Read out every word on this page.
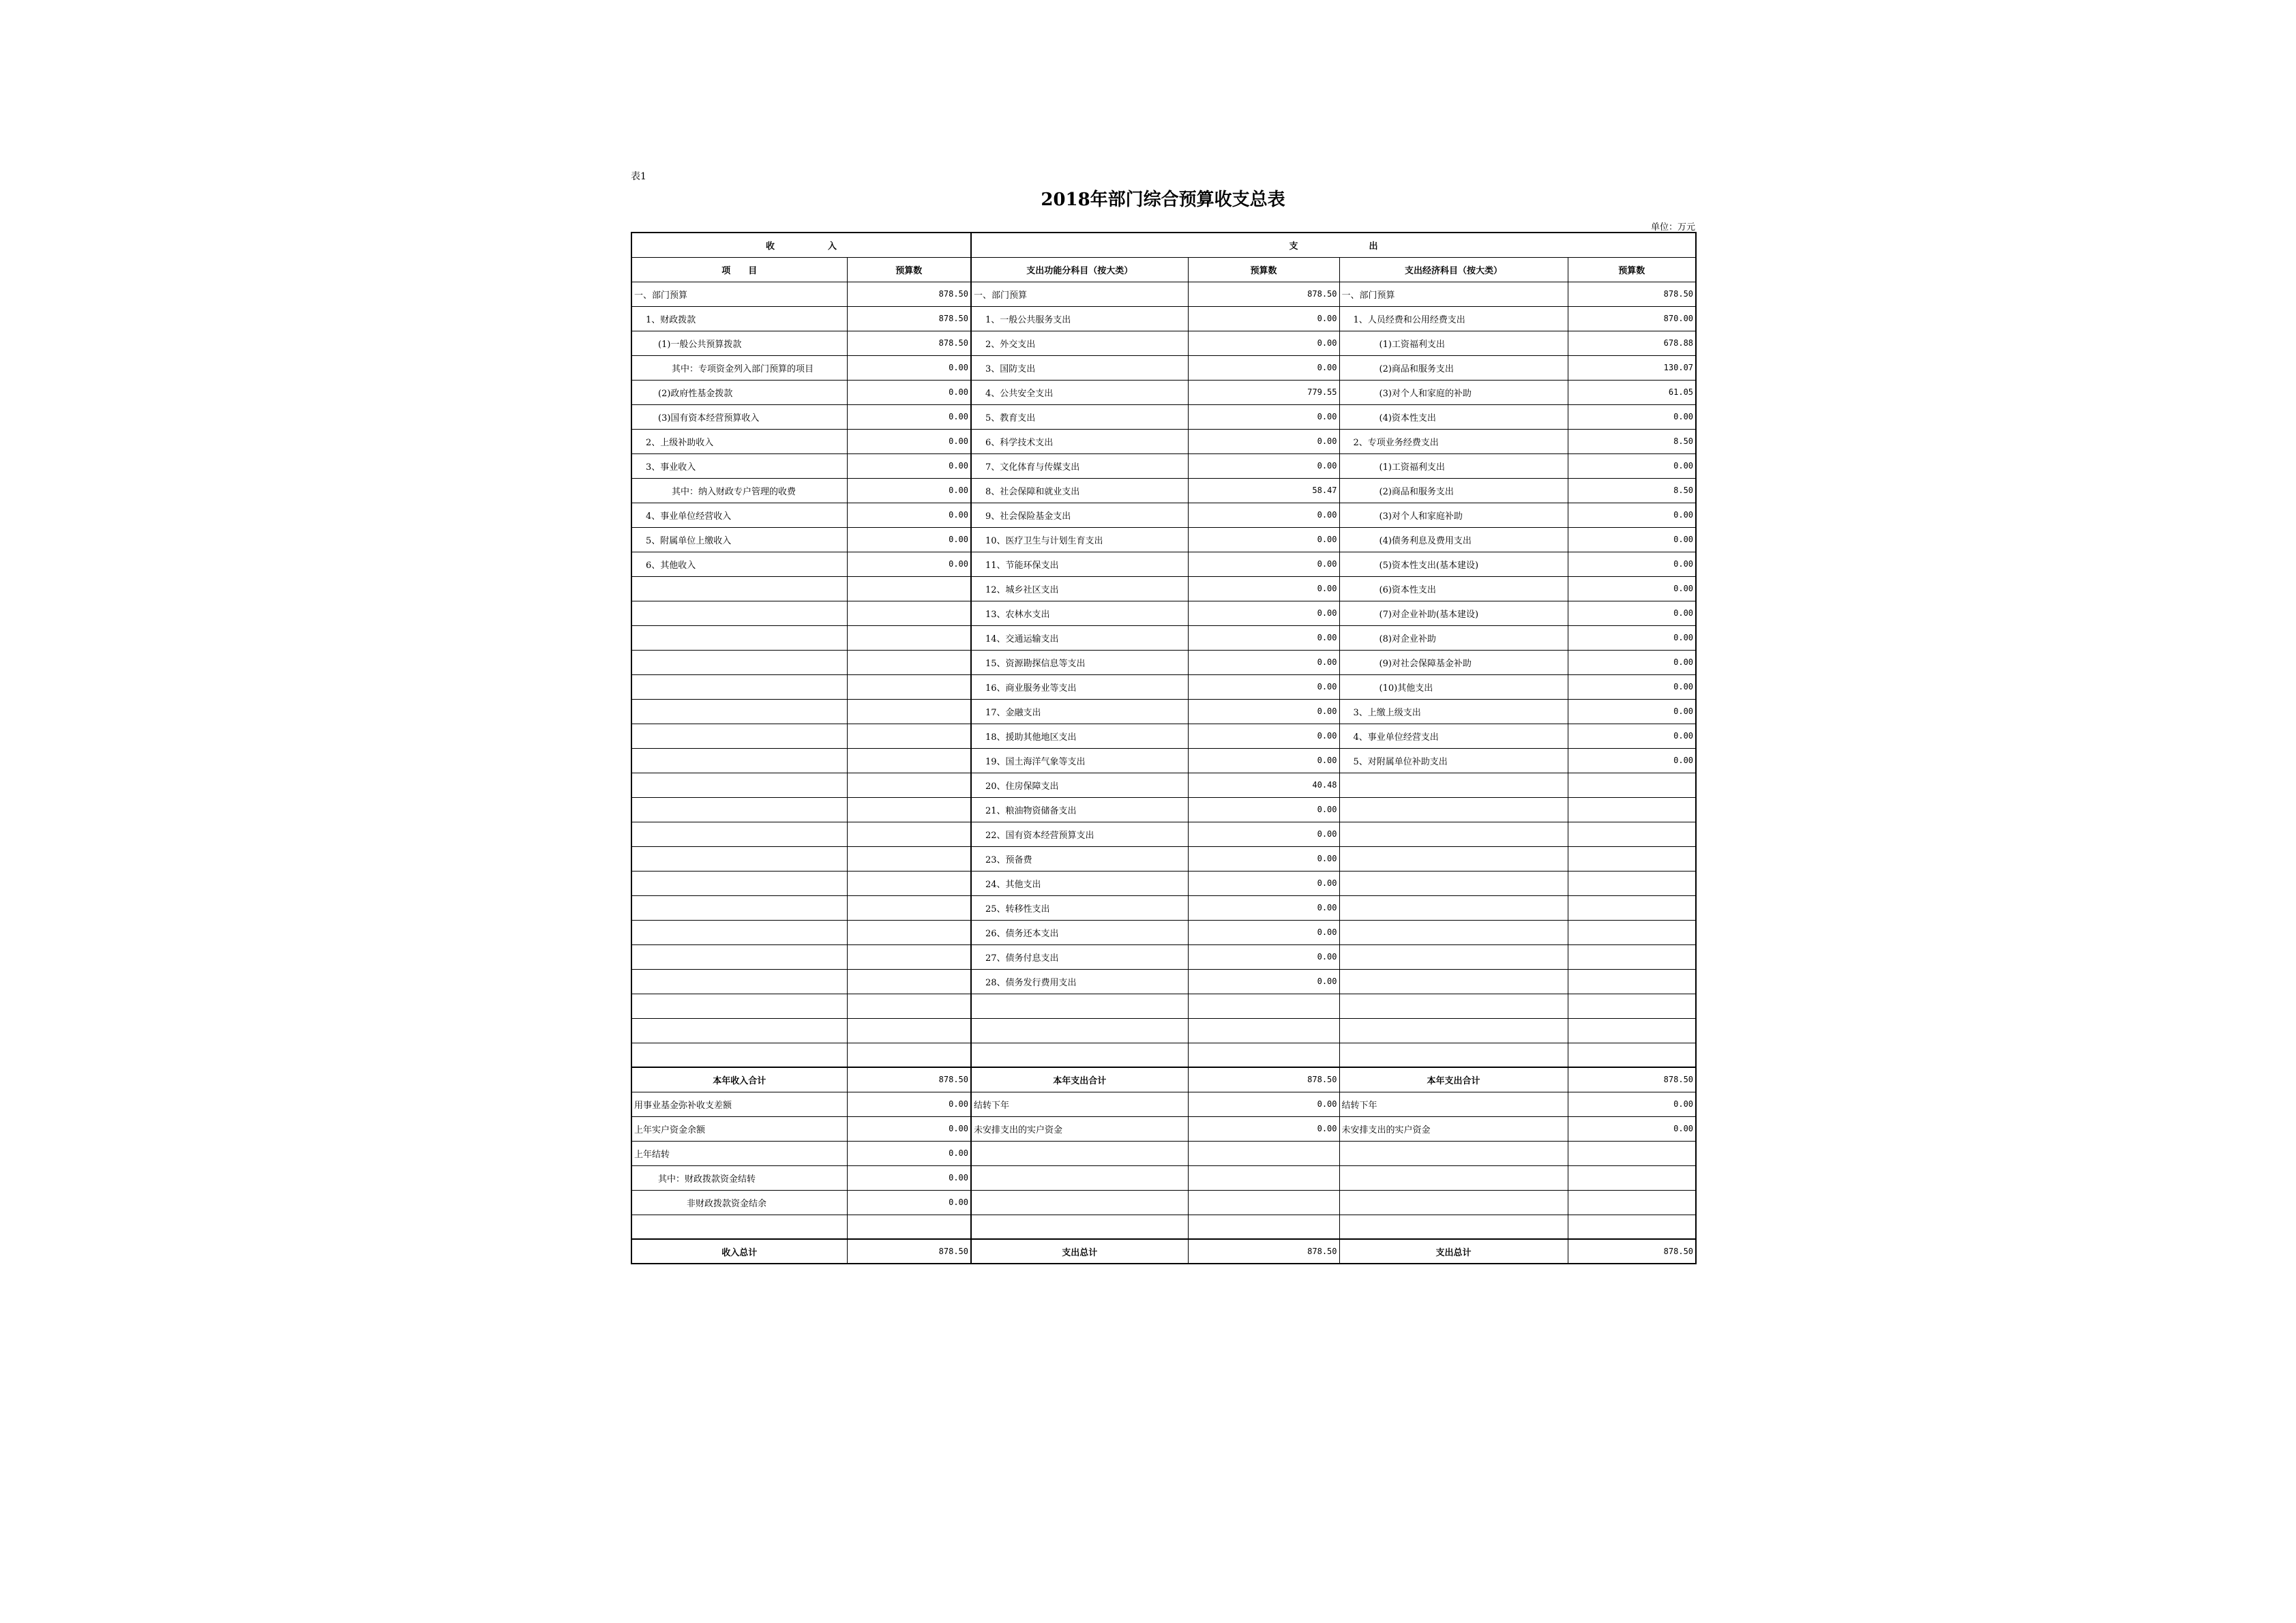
表1
2018年部门综合预算收支总表
单位：万元
收　　　　　　入		支　　　　　　　　出			
项　　目	预算数	支出功能分科目（按大类）	预算数	支出经济科目（按大类）	预算数
一、部门预算	878.50	一、部门预算	878.50	一、部门预算	878.50
1、财政拨款	878.50	1、一般公共服务支出	0.00	1、人员经费和公用经费支出	870.00
(1)一般公共预算拨款	878.50	2、外交支出	0.00	(1)工资福利支出	678.88
其中：专项资金列入部门预算的项目	0.00	3、国防支出	0.00	(2)商品和服务支出	130.07
(2)政府性基金拨款	0.00	4、公共安全支出	779.55	(3)对个人和家庭的补助	61.05
(3)国有资本经营预算收入	0.00	5、教育支出	0.00	(4)资本性支出	0.00
2、上级补助收入	0.00	6、科学技术支出	0.00	2、专项业务经费支出	8.50
3、事业收入	0.00	7、文化体育与传媒支出	0.00	(1)工资福利支出	0.00
其中：纳入财政专户管理的收费	0.00	8、社会保障和就业支出	58.47	(2)商品和服务支出	8.50
4、事业单位经营收入	0.00	9、社会保险基金支出	0.00	(3)对个人和家庭补助	0.00
5、附属单位上缴收入	0.00	10、医疗卫生与计划生育支出	0.00	(4)债务利息及费用支出	0.00
6、其他收入	0.00	11、节能环保支出	0.00	(5)资本性支出(基本建设)	0.00
		12、城乡社区支出	0.00	(6)资本性支出	0.00
		13、农林水支出	0.00	(7)对企业补助(基本建设)	0.00
		14、交通运输支出	0.00	(8)对企业补助	0.00
		15、资源勘探信息等支出	0.00	(9)对社会保障基金补助	0.00
		16、商业服务业等支出	0.00	(10)其他支出	0.00
		17、金融支出	0.00	3、上缴上级支出	0.00
		18、援助其他地区支出	0.00	4、事业单位经营支出	0.00
		19、国土海洋气象等支出	0.00	5、对附属单位补助支出	0.00
		20、住房保障支出	40.48		
		21、粮油物资储备支出	0.00		
		22、国有资本经营预算支出	0.00		
		23、预备费	0.00		
		24、其他支出	0.00		
		25、转移性支出	0.00		
		26、债务还本支出	0.00		
		27、债务付息支出	0.00		
		28、债务发行费用支出	0.00		

本年收入合计	878.50	本年支出合计	878.50	本年支出合计	878.50
用事业基金弥补收支差额	0.00	结转下年	0.00	结转下年	0.00
上年实户资金余额	0.00	未安排支出的实户资金	0.00	未安排支出的实户资金	0.00
上年结转	0.00				
其中：财政拨款资金结转	0.00				
非财政拨款资金结余	0.00				

收入总计	878.50	支出总计	878.50	支出总计	878.50
